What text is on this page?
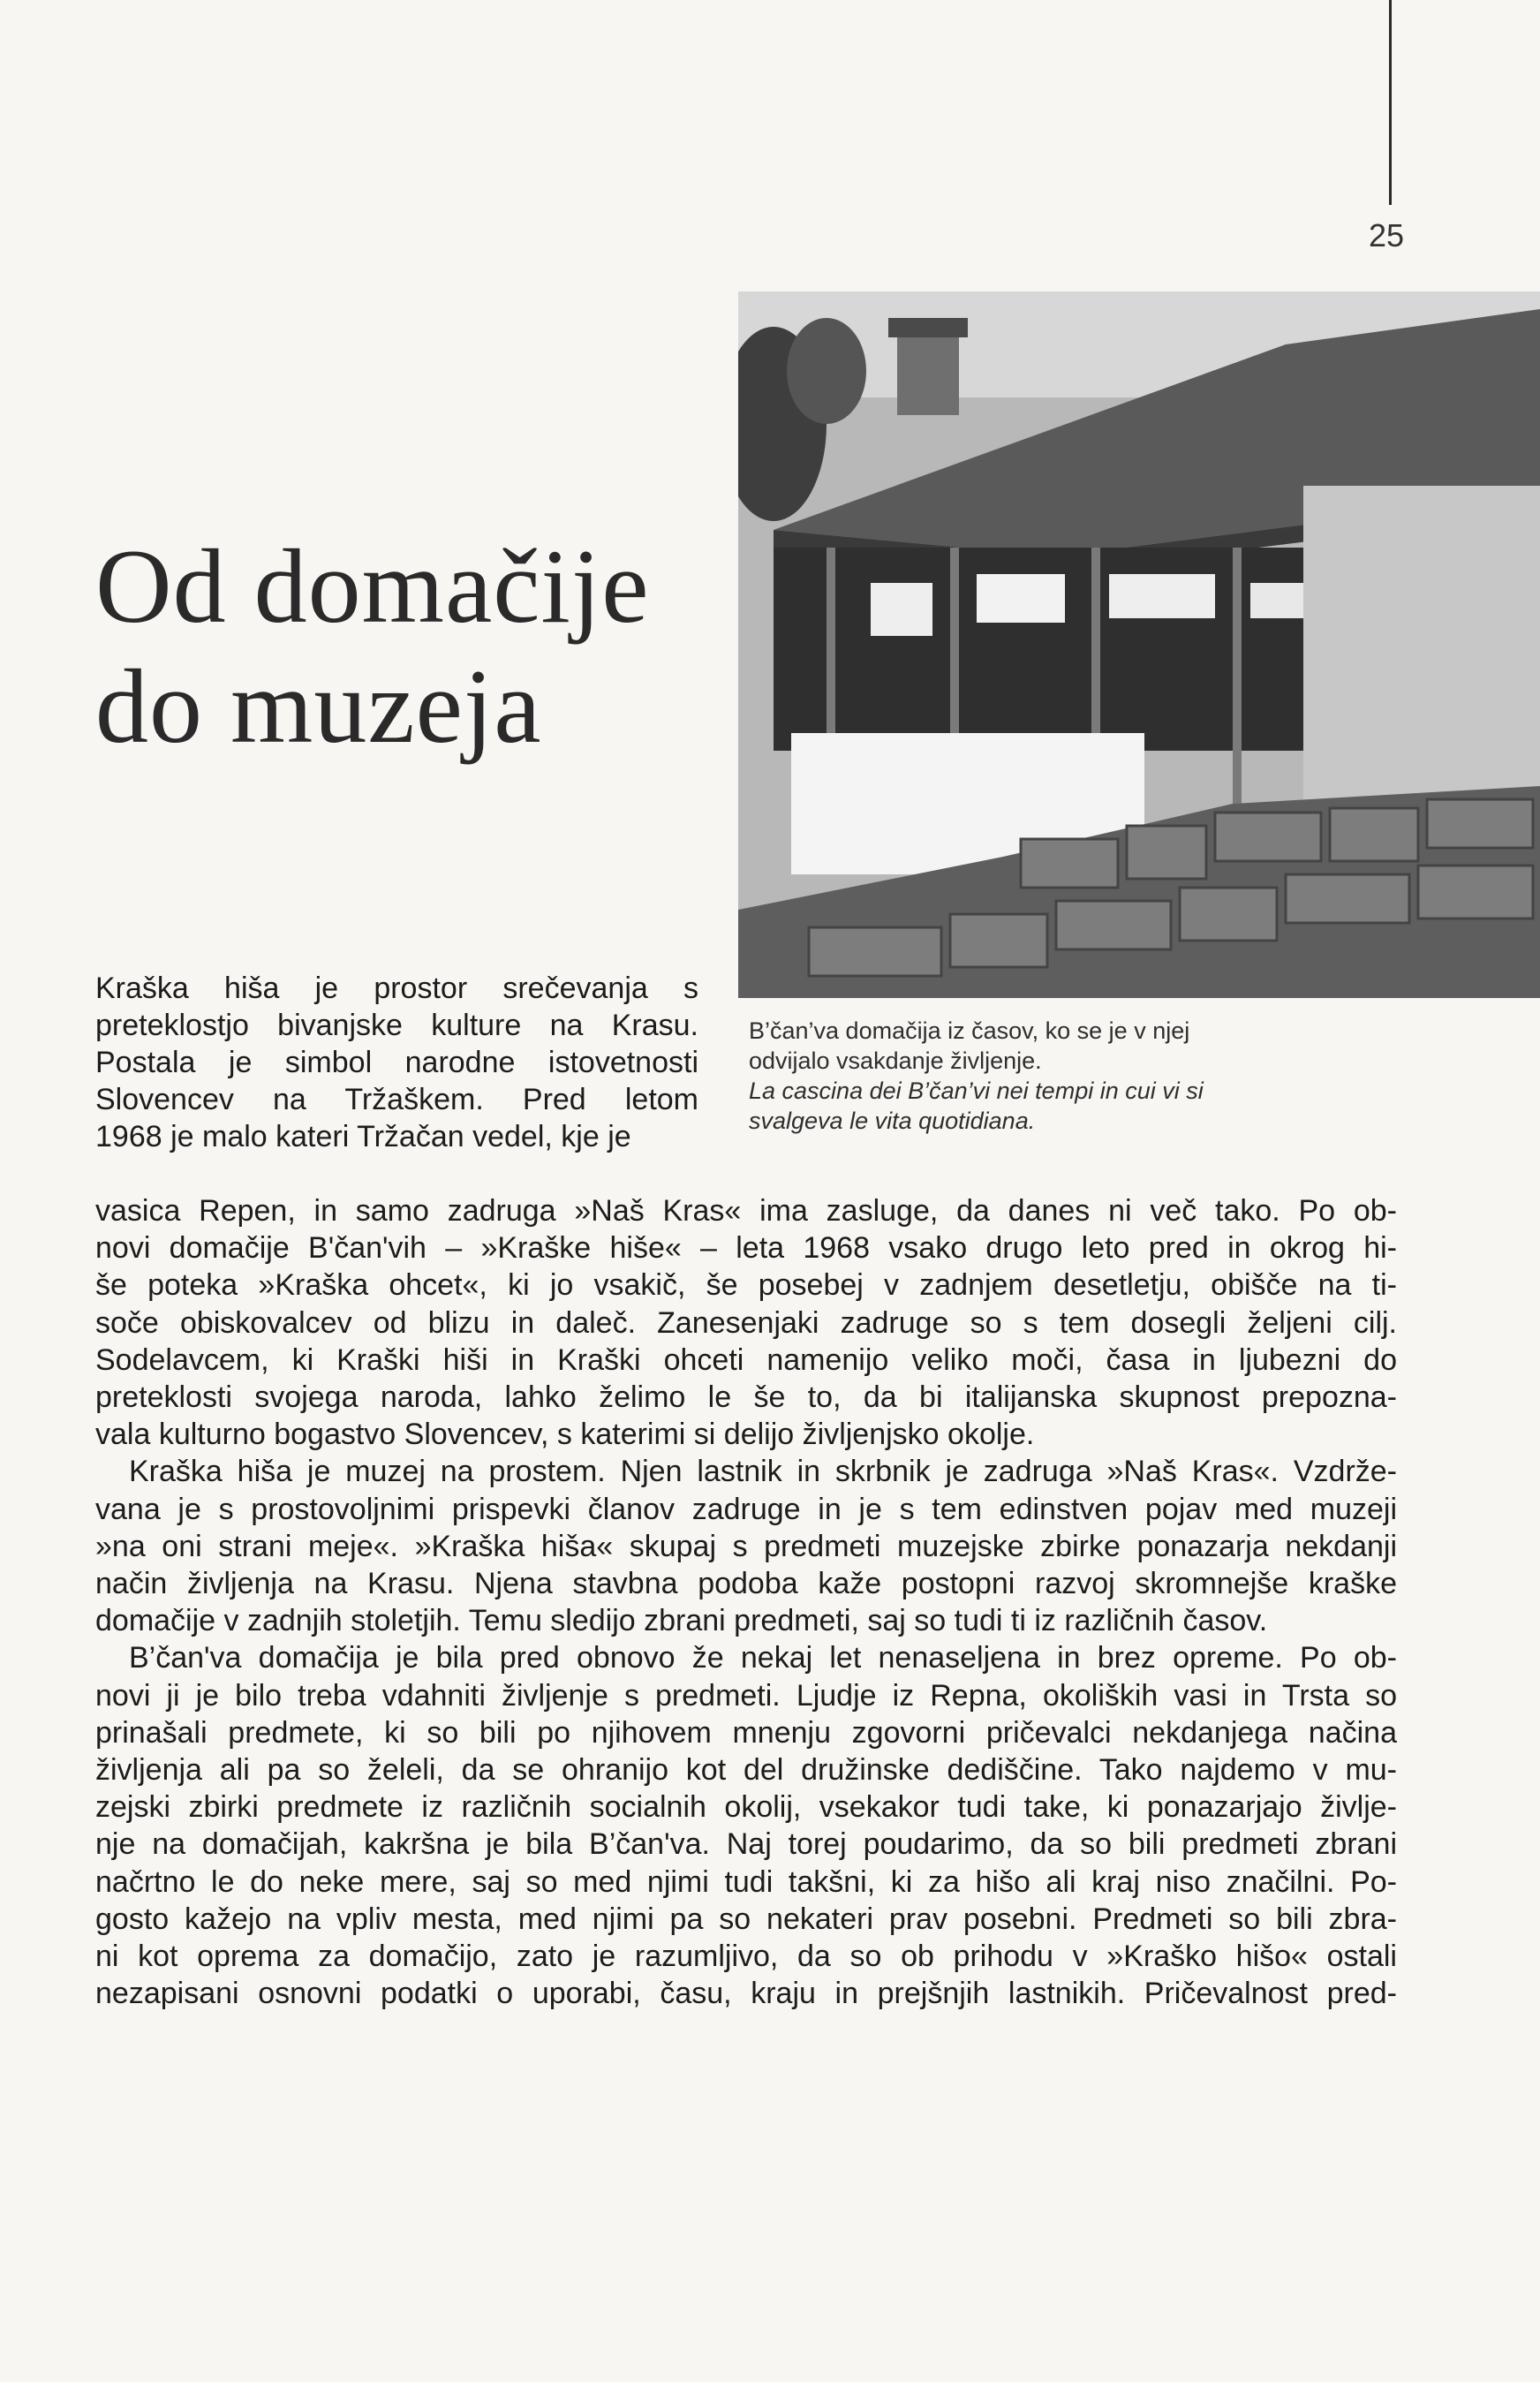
25
Od domačije
do muzeja

B’čan’va domačija iz časov, ko se je v njej

odvijalo vsakdanje življenje.

La cascina dei B’čan’vi nei tempi in cui vi si

svalgeva le vita quotidiana.

Kraška hiša je prostor srečevanja s

preteklostjo bivanjske kulture na Krasu.

Postala je simbol narodne istovetnosti

Slovencev na Tržaškem. Pred letom

1968 je malo kateri Tržačan vedel, kje je

vasica Repen, in samo zadruga »Naš Kras« ima zasluge, da danes ni več tako. Po ob-

novi domačije B'čan'vih – »Kraške hiše« – leta 1968 vsako drugo leto pred in okrog hi-

še poteka »Kraška ohcet«, ki jo vsakič, še posebej v zadnjem desetletju, obišče na ti-

soče obiskovalcev od blizu in daleč. Zanesenjaki zadruge so s tem dosegli željeni cilj.

Sodelavcem, ki Kraški hiši in Kraški ohceti namenijo veliko moči, časa in ljubezni do

preteklosti svojega naroda, lahko želimo le še to, da bi italijanska skupnost prepozna-

vala kulturno bogastvo Slovencev, s katerimi si delijo življenjsko okolje.

Kraška hiša je muzej na prostem. Njen lastnik in skrbnik je zadruga »Naš Kras«. Vzdrže-

vana je s prostovoljnimi prispevki članov zadruge in je s tem edinstven pojav med muzeji

»na oni strani meje«. »Kraška hiša« skupaj s predmeti muzejske zbirke ponazarja nekdanji

način življenja na Krasu. Njena stavbna podoba kaže postopni razvoj skromnejše kraške

domačije v zadnjih stoletjih. Temu sledijo zbrani predmeti, saj so tudi ti iz različnih časov.

B’čan'va domačija je bila pred obnovo že nekaj let nenaseljena in brez opreme. Po ob-

novi ji je bilo treba vdahniti življenje s predmeti. Ljudje iz Repna, okoliških vasi in Trsta so

prinašali predmete, ki so bili po njihovem mnenju zgovorni pričevalci nekdanjega načina

življenja ali pa so želeli, da se ohranijo kot del družinske dediščine. Tako najdemo v mu-

zejski zbirki predmete iz različnih socialnih okolij, vsekakor tudi take, ki ponazarjajo življe-

nje na domačijah, kakršna je bila B’čan'va. Naj torej poudarimo, da so bili predmeti zbrani

načrtno le do neke mere, saj so med njimi tudi takšni, ki za hišo ali kraj niso značilni. Po-

gosto kažejo na vpliv mesta, med njimi pa so nekateri prav posebni. Predmeti so bili zbra-

ni kot oprema za domačijo, zato je razumljivo, da so ob prihodu v »Kraško hišo« ostali

nezapisani osnovni podatki o uporabi, času, kraju in prejšnjih lastnikih. Pričevalnost pred-
